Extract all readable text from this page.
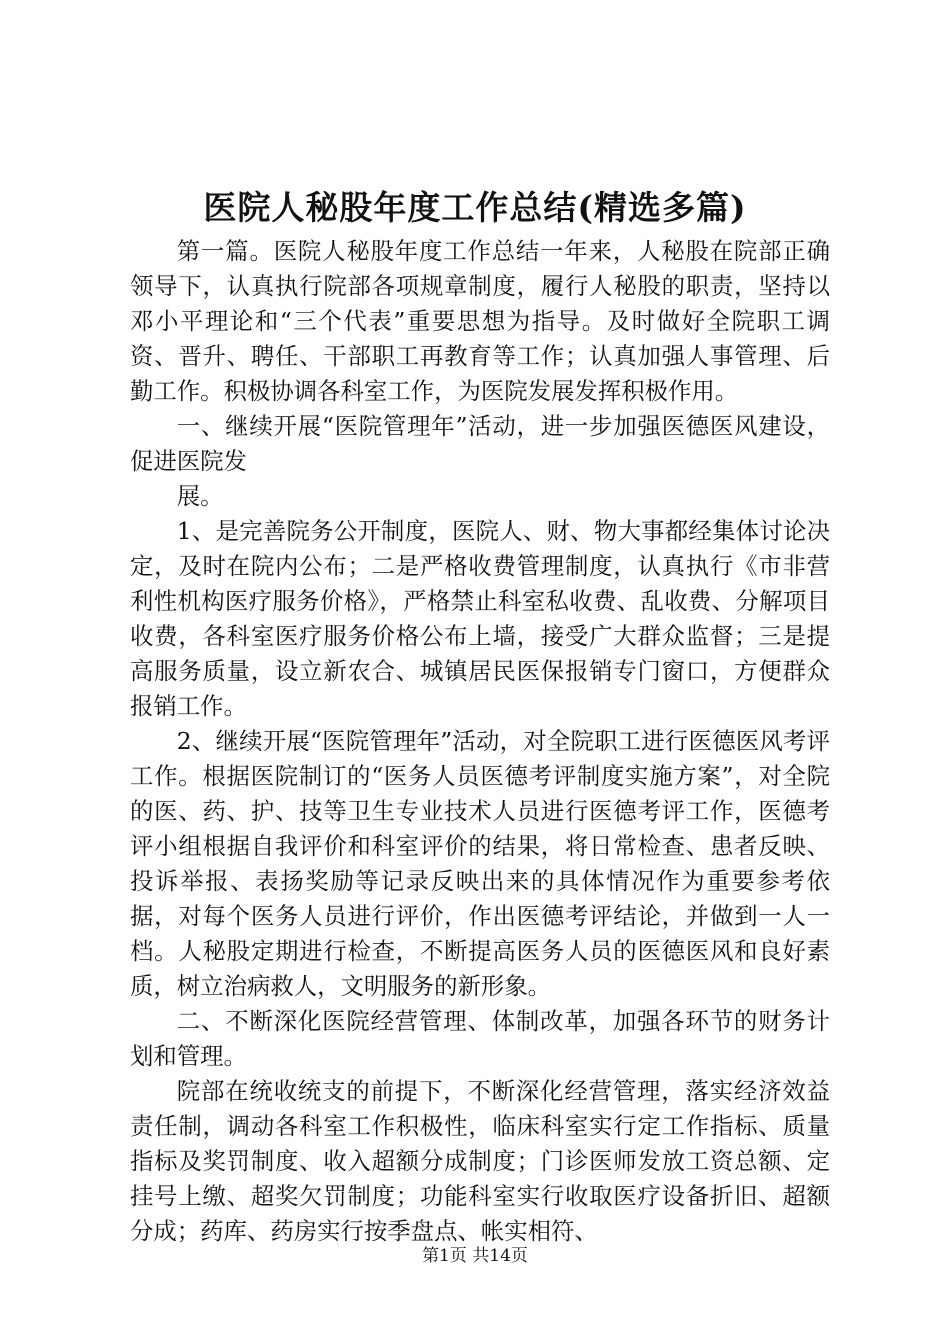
医院人秘股年度工作总结(精选多篇)

第一篇。医院人秘股年度工作总结一年来，人秘股在院部正确领导下，认真执行院部各项规章制度，履行人秘股的职责，坚持以邓小平理论和“三个代表”重要思想为指导。及时做好全院职工调资、晋升、聘任、干部职工再教育等工作；认真加强人事管理、后勤工作。积极协调各科室工作，为医院发展发挥积极作用。

一、继续开展“医院管理年”活动，进一步加强医德医风建设，促进医院发

展。

1、是完善院务公开制度，医院人、财、物大事都经集体讨论决定，及时在院内公布；二是严格收费管理制度，认真执行《市非营利性机构医疗服务价格》，严格禁止科室私收费、乱收费、分解项目收费，各科室医疗服务价格公布上墙，接受广大群众监督；三是提高服务质量，设立新农合、城镇居民医保报销专门窗口，方便群众报销工作。

2、继续开展“医院管理年”活动，对全院职工进行医德医风考评工作。根据医院制订的“医务人员医德考评制度实施方案”，对全院的医、药、护、技等卫生专业技术人员进行医德考评工作，医德考评小组根据自我评价和科室评价的结果，将日常检查、患者反映、投诉举报、表扬奖励等记录反映出来的具体情况作为重要参考依据，对每个医务人员进行评价，作出医德考评结论，并做到一人一档。人秘股定期进行检查，不断提高医务人员的医德医风和良好素质，树立治病救人，文明服务的新形象。

二、不断深化医院经营管理、体制改革，加强各环节的财务计划和管理。

院部在统收统支的前提下，不断深化经营管理，落实经济效益责任制，调动各科室工作积极性，临床科室实行定工作指标、质量指标及奖罚制度、收入超额分成制度；门诊医师发放工资总额、定挂号上缴、超奖欠罚制度；功能科室实行收取医疗设备折旧、超额分成；药库、药房实行按季盘点、帐实相符、

第1页 共14页
